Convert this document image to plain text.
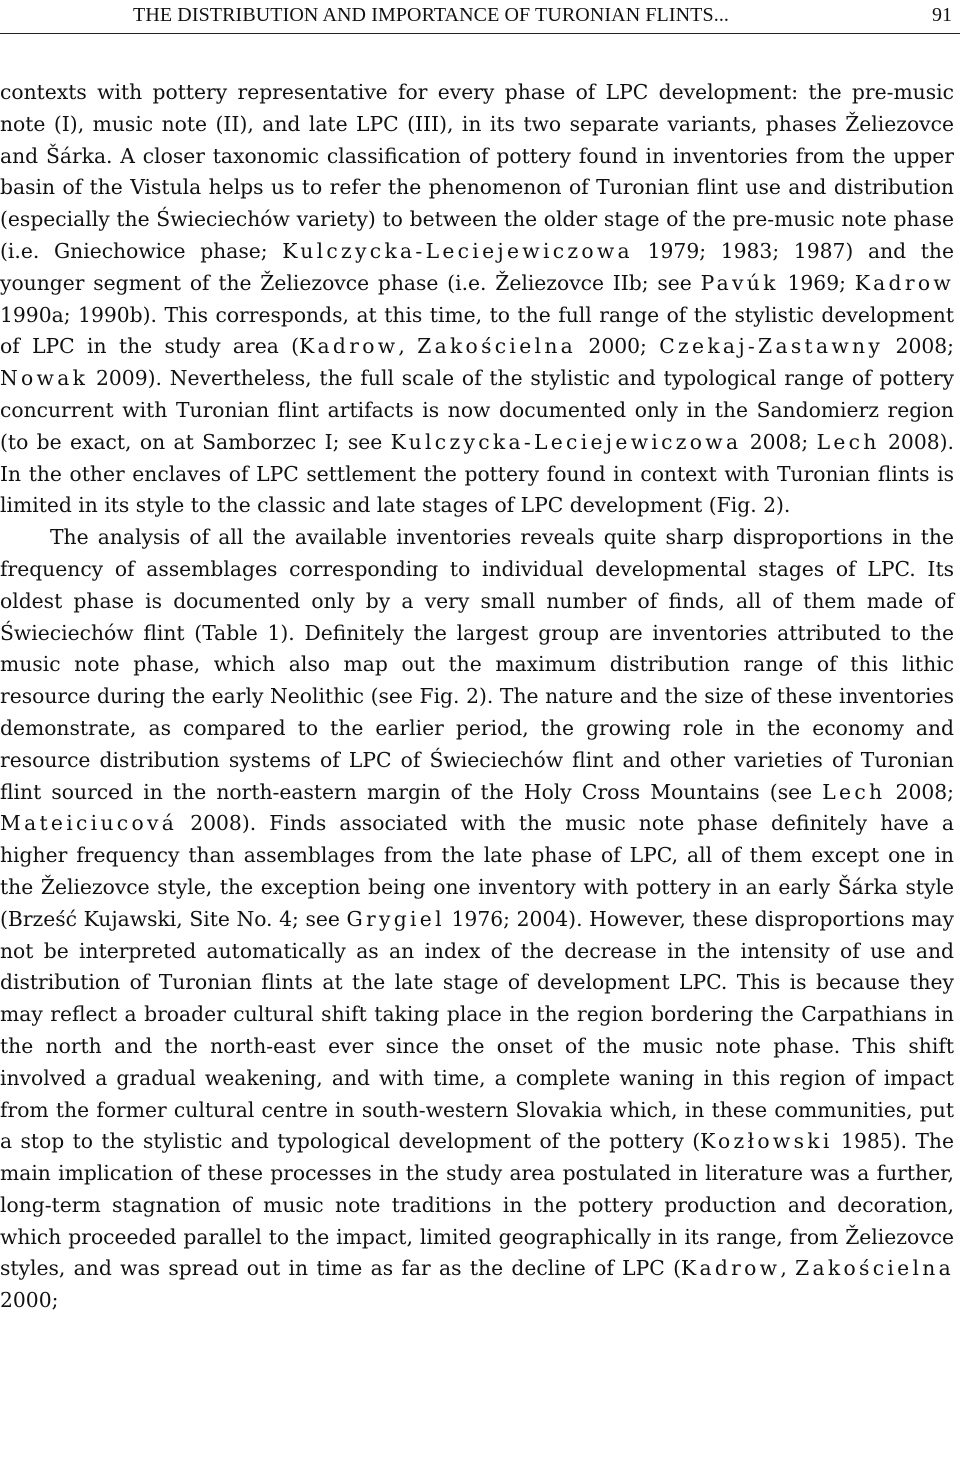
THE DISTRIBUTION AND IMPORTANCE OF TURONIAN FLINTS...	91

contexts with pottery representative for every phase of LPC development: the pre-music note (I), music note (II), and late LPC (III), in its two separate variants, phases Želiezovce and Šárka. A closer taxonomic classification of pottery found in inventories from the upper basin of the Vistula helps us to refer the phenomenon of Turonian flint use and distribution (especially the Świeciechów variety) to between the older stage of the pre-music note phase (i.e. Gniechowice phase; Kulczycka-Leciejewiczowa 1979; 1983; 1987) and the younger segment of the Želiezovce phase (i.e. Želiezovce IIb; see Pavúk 1969; Kadrow 1990a; 1990b). This corresponds, at this time, to the full range of the stylistic development of LPC in the study area (Kadrow, Zakościelna 2000; Czekaj-Zastawny 2008; Nowak 2009). Nevertheless, the full scale of the stylistic and typological range of pottery concurrent with Turonian flint artifacts is now documented only in the Sandomierz region (to be exact, on at Samborzec I; see Kulczycka-Leciejewiczowa 2008; Lech 2008). In the other enclaves of LPC settlement the pottery found in context with Turonian flints is limited in its style to the classic and late stages of LPC development (Fig. 2).

The analysis of all the available inventories reveals quite sharp disproportions in the frequency of assemblages corresponding to individual developmental stages of LPC. Its oldest phase is documented only by a very small number of finds, all of them made of Świeciechów flint (Table 1). Definitely the largest group are inventories attributed to the music note phase, which also map out the maximum distribution range of this lithic resource during the early Neolithic (see Fig. 2). The nature and the size of these inventories demonstrate, as compared to the earlier period, the growing role in the economy and resource distribution systems of LPC of Świeciechów flint and other varieties of Turonian flint sourced in the north-eastern margin of the Holy Cross Mountains (see Lech 2008; Mateiciucová 2008). Finds associated with the music note phase definitely have a higher frequency than assemblages from the late phase of LPC, all of them except one in the Želiezovce style, the exception being one inventory with pottery in an early Šárka style (Brześć Kujawski, Site No. 4; see Grygiel 1976; 2004). However, these disproportions may not be interpreted automatically as an index of the decrease in the intensity of use and distribution of Turonian flints at the late stage of development LPC. This is because they may reflect a broader cultural shift taking place in the region bordering the Carpathians in the north and the north-east ever since the onset of the music note phase. This shift involved a gradual weakening, and with time, a complete waning in this region of impact from the former cultural centre in south-western Slovakia which, in these communities, put a stop to the stylistic and typological development of the pottery (Kozłowski 1985). The main implication of these processes in the study area postulated in literature was a further, long-term stagnation of music note traditions in the pottery production and decoration, which proceeded parallel to the impact, limited geographically in its range, from Želiezovce styles, and was spread out in time as far as the decline of LPC (Kadrow, Zakościelna 2000;
